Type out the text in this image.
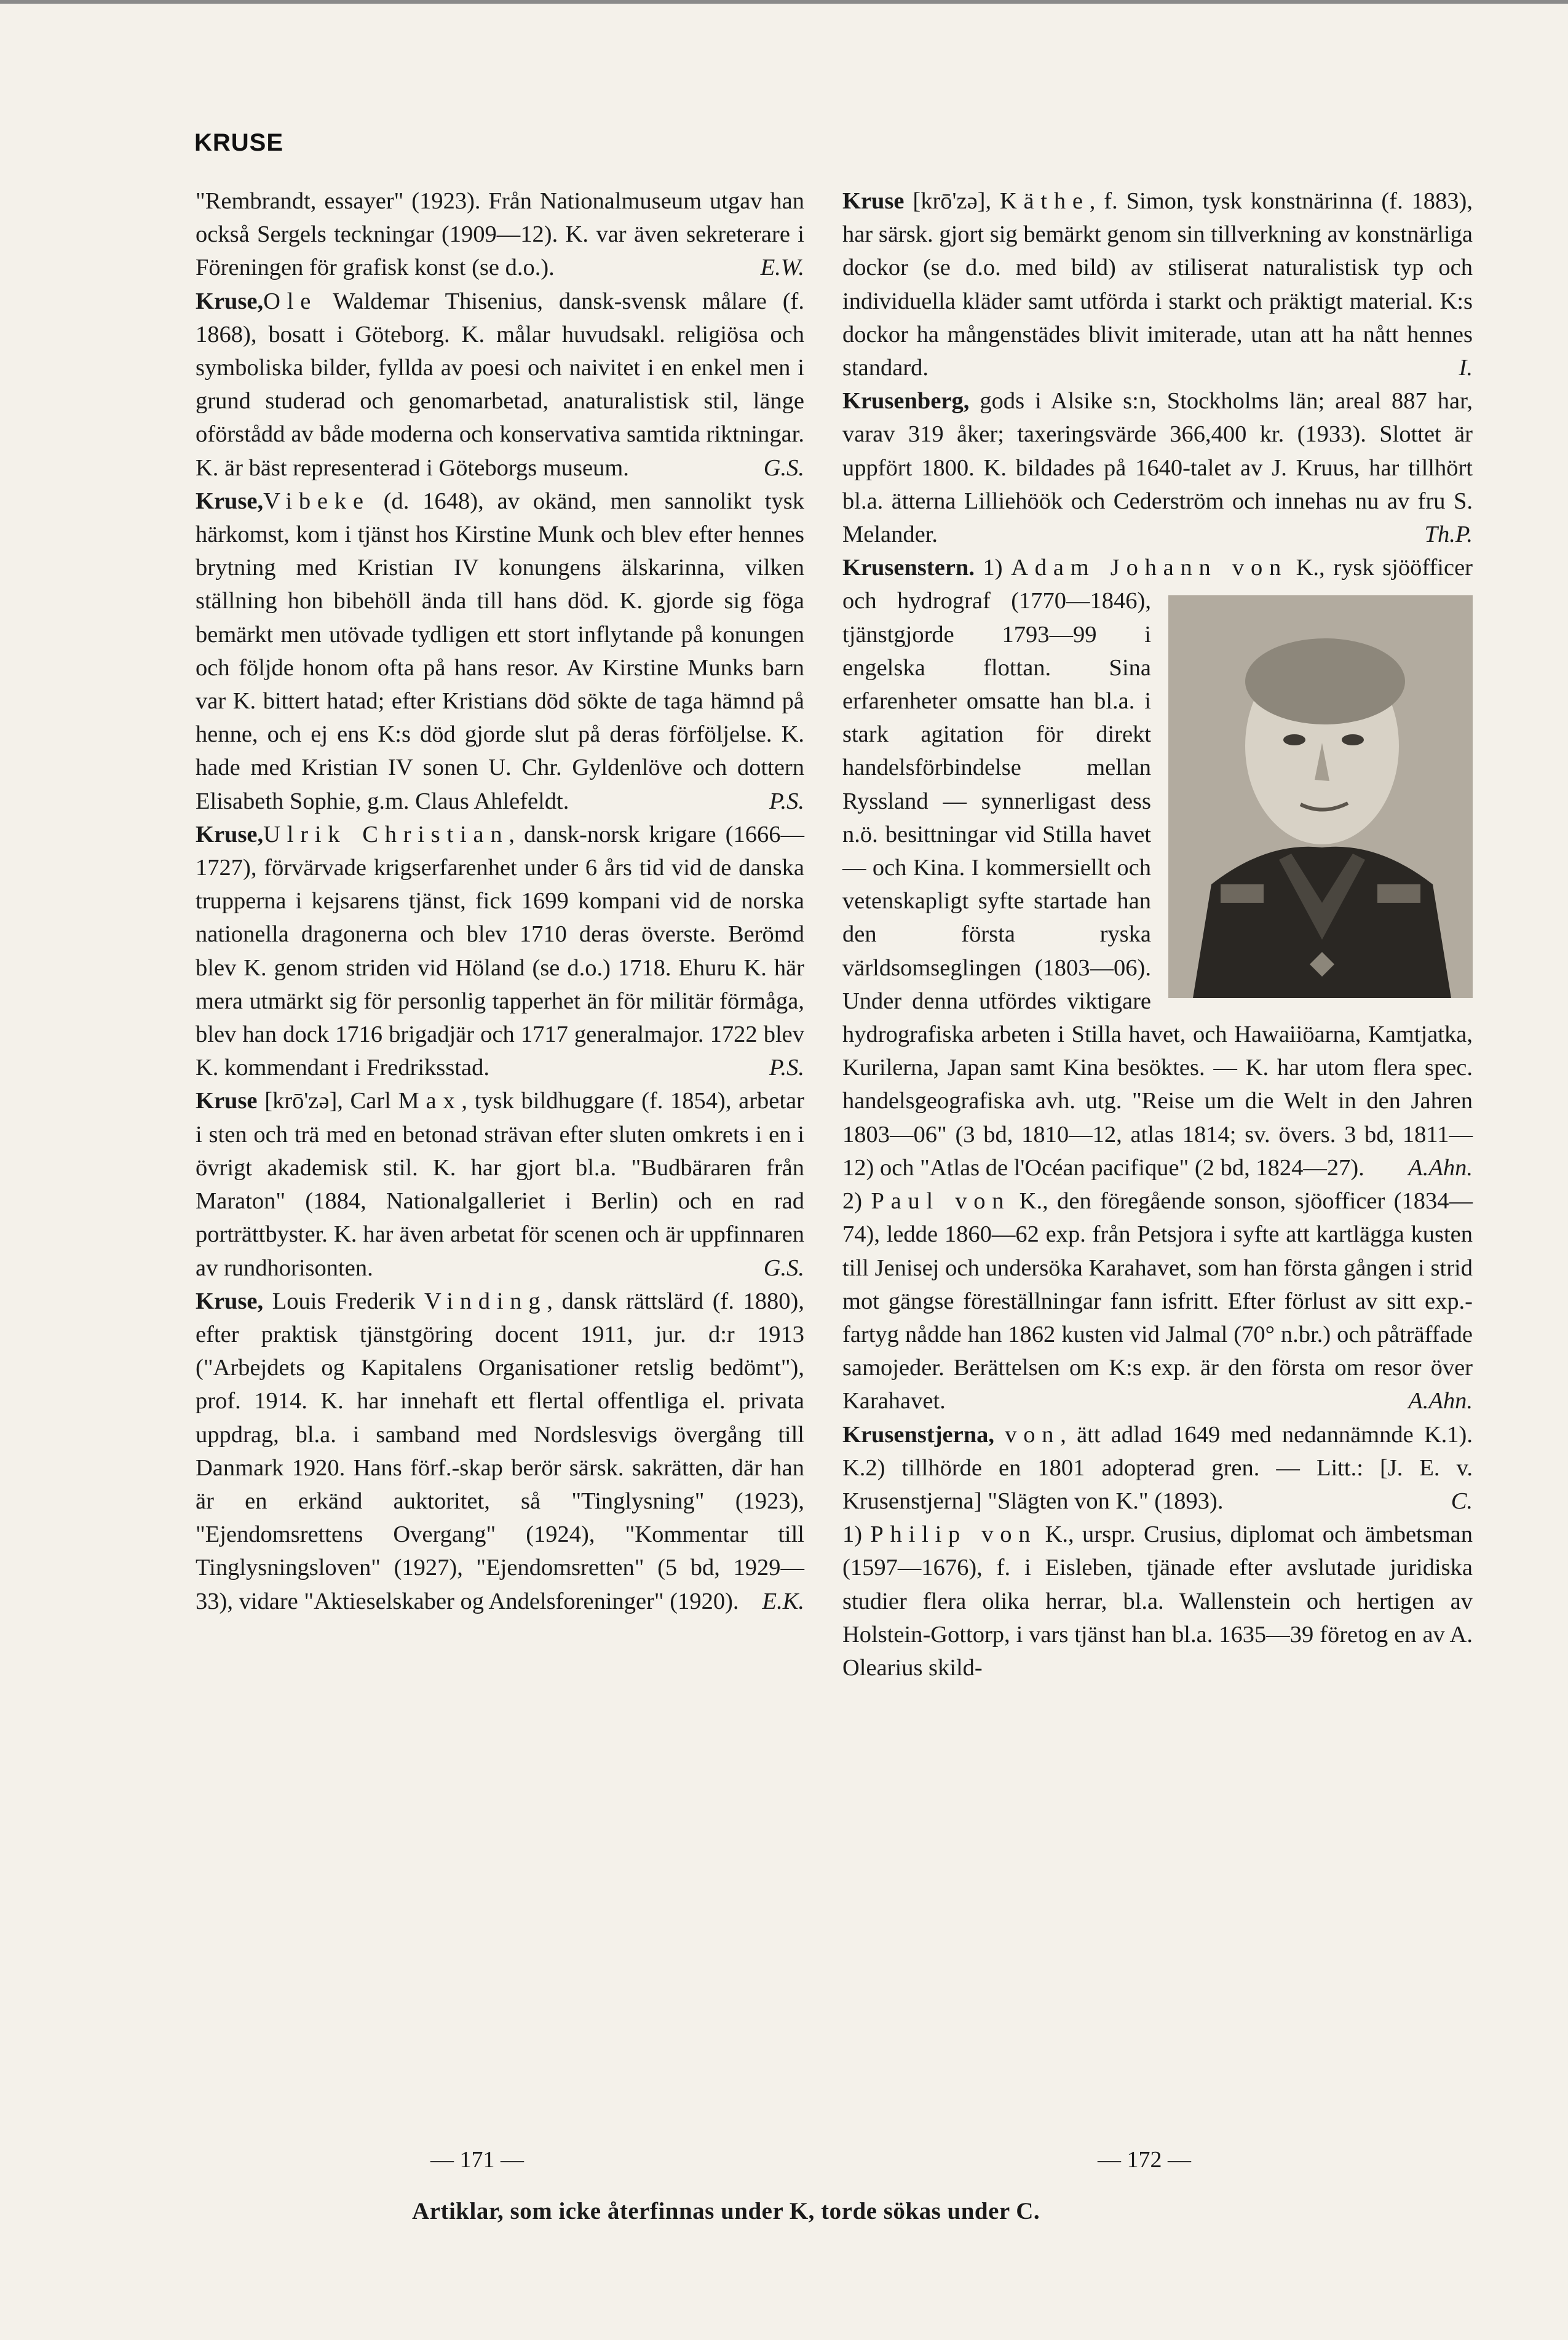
KRUSE

"Rembrandt, essayer" (1923). Från Nationalmuseum utgav han också Sergels teckningar (1909—12). K. var även sekreterare i Föreningen för grafisk konst (se d.o.).	E.W.

Kruse,Ole Waldemar Thisenius, dansk-svensk målare (f. 1868), bosatt i Göteborg. K. målar huvudsakl. religiösa och symboliska bilder, fyllda av poesi och naivitet i en enkel men i grund studerad och genomarbetad, anaturalistisk stil, länge oförstådd av både moderna och konservativa samtida riktningar. K. är bäst representerad i Göteborgs museum.	G.S.

Kruse,Vibeke (d. 1648), av okänd, men sannolikt tysk härkomst, kom i tjänst hos Kirstine Munk och blev efter hennes brytning med Kristian IV konungens älskarinna, vilken ställning hon bibehöll ända till hans död. K. gjorde sig föga bemärkt men utövade tydligen ett stort inflytande på konungen och följde honom ofta på hans resor. Av Kirstine Munks barn var K. bittert hatad; efter Kristians död sökte de taga hämnd på henne, och ej ens K:s död gjorde slut på deras förföljelse. K. hade med Kristian IV sonen U. Chr. Gyldenlöve och dottern Elisabeth Sophie, g.m. Claus Ahlefeldt.	P.S.

Kruse,Ulrik Christian, dansk-norsk krigare (1666—1727), förvärvade krigserfarenhet under 6 års tid vid de danska trupperna i kejsarens tjänst, fick 1699 kompani vid de norska nationella dragonerna och blev 1710 deras överste. Berömd blev K. genom striden vid Höland (se d.o.) 1718. Ehuru K. här mera utmärkt sig för personlig tapperhet än för militär förmåga, blev han dock 1716 brigadjär och 1717 generalmajor. 1722 blev K. kommendant i Fredriksstad.	P.S.

Kruse [krō'zə], Carl Max, tysk bildhuggare (f. 1854), arbetar i sten och trä med en betonad strävan efter sluten omkrets i en i övrigt akademisk stil. K. har gjort bl.a. "Budbäraren från Maraton" (1884, Nationalgalleriet i Berlin) och en rad porträttbyster. K. har även arbetat för scenen och är uppfinnaren av rundhorisonten.	G.S.

Kruse, Louis Frederik Vinding, dansk rättslärd (f. 1880), efter praktisk tjänstgöring docent 1911, jur. d:r 1913 ("Arbejdets og Kapitalens Organisationer retslig bedömt"), prof. 1914. K. har innehaft ett flertal offentliga el. privata uppdrag, bl.a. i samband med Nordslesvigs övergång till Danmark 1920. Hans förf.-skap berör särsk. sakrätten, där han är en erkänd auktoritet, så "Tinglysning" (1923), "Ejendomsrettens Overgang" (1924), "Kommentar till Tinglysningsloven" (1927), "Ejendomsretten" (5 bd, 1929—33), vidare "Aktieselskaber og Andelsforeninger" (1920). E.K.

Kruse [krō'zə], Käthe, f. Simon, tysk konstnärinna (f. 1883), har särsk. gjort sig bemärkt genom sin tillverkning av konstnärliga dockor (se d.o. med bild) av stiliserat naturalistisk typ och individuella kläder samt utförda i starkt och präktigt material. K:s dockor ha mångenstädes blivit imiterade, utan att ha nått hennes standard.	I.

Krusenberg, gods i Alsike s:n, Stockholms län; areal 887 har, varav 319 åker; taxeringsvärde 366,400 kr. (1933). Slottet är uppfört 1800. K. bildades på 1640-talet av J. Kruus, har tillhört bl.a. ätterna Lilliehöök och Cederström och innehas nu av fru S. Melander.	Th.P.

Krusenstern. 1) Adam Johann von
K., rysk sjööfficer och hydrograf (1770—1846), tjänstgjorde 1793—99 i engelska flottan. Sina erfarenheter omsatte han bl.a. i stark agitation för direkt handelsförbindelse mellan Ryssland — synnerligast dess n.ö. besittningar vid Stilla havet — och Kina. I kommersiellt och vetenskapligt syfte startade han den första ryska världsomseglingen (1803—06). Under denna utfördes viktigare hydrografiska arbeten i Stilla havet, och Hawaiiöarna, Kamtjatka, Kurilerna, Japan samt Kina besöktes. — K. har utom flera spec. handelsgeografiska avh. utg. "Reise um die Welt in den Jahren 1803—06" (3 bd, 1810—12, atlas 1814; sv. övers. 3 bd, 1811—12) och "Atlas de l'Océan pacifique" (2 bd, 1824—27). A.Ahn.

2) Paul von K., den föregående sonson, sjöofficer (1834—74), ledde 1860—62 exp. från Petsjora i syfte att kartlägga kusten till Jenisej och undersöka Karahavet, som han första gången i strid mot gängse föreställningar fann isfritt. Efter förlust av sitt exp.-fartyg nådde han 1862 kusten vid Jalmal (70° n.br.) och påträffade samojeder. Berättelsen om K:s exp. är den första om resor över Karahavet.	A.Ahn.

Krusenstjerna, von, ätt adlad 1649 med nedannämnde K.1). K.2) tillhörde en 1801 adopterad gren. — Litt.: [J. E. v. Krusenstjerna] "Slägten von K." (1893).	C.

1) Philip von K., urspr. Crusius, diplomat och ämbetsman (1597—1676), f. i Eisleben, tjänade efter avslutade juridiska studier flera olika herrar, bl.a. Wallenstein och hertigen av Holstein-Gottorp, i vars tjänst han bl.a. 1635—39 företog en av A. Olearius skild-

— 171 —	— 172 —
Artiklar, som icke återfinnas under K, torde sökas under C.
